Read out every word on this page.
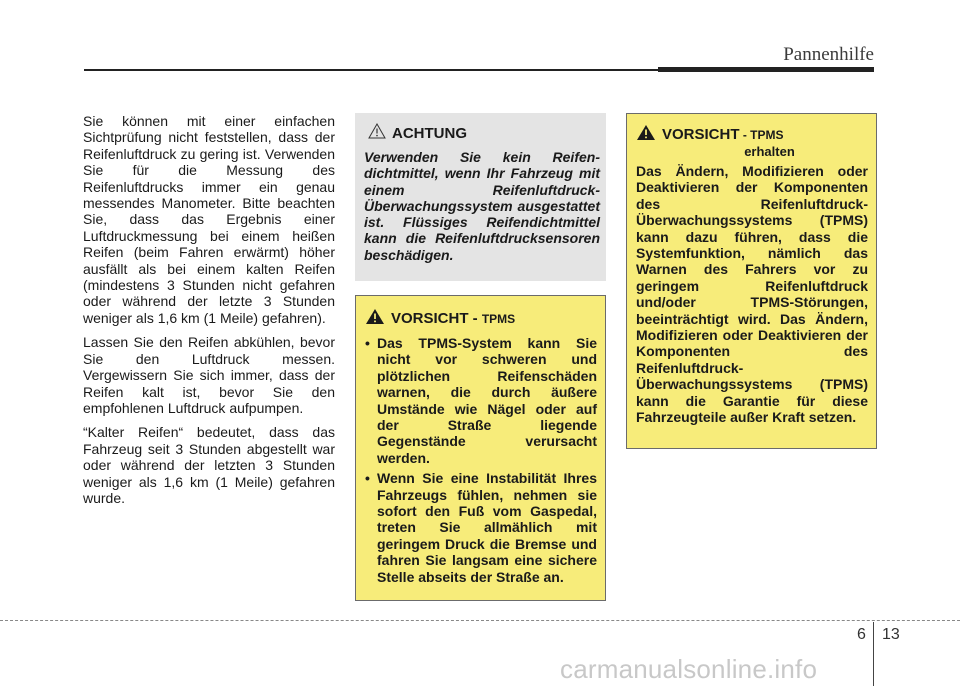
Pannenhilfe

Sie können mit einer einfachen Sichtprüfung nicht feststellen, dass der Reifenluftdruck zu gering ist. Verwenden Sie für die Messung des Reifenluftdrucks immer ein genau messendes Manometer. Bitte beachten Sie, dass das Ergebnis einer Luftdruckmessung bei einem heißen Reifen (beim Fahren erwärmt) höher ausfällt als bei einem kalten Reifen (mindestens 3 Stunden nicht gefahren oder während der letzte 3 Stunden weniger als 1,6 km (1 Meile) gefahren).

Lassen Sie den Reifen abkühlen, bevor Sie den Luftdruck messen. Vergewissern Sie sich immer, dass der Reifen kalt ist, bevor Sie den empfohlenen Luftdruck aufpumpen.

“Kalter Reifen“ bedeutet, dass das Fahrzeug seit 3 Stunden abgestellt war oder während der letzten 3 Stunden weniger als 1,6 km (1 Meile) gefahren wurde.

ACHTUNG
Verwenden Sie kein Reifen-dichtmittel, wenn Ihr Fahrzeug mit einem Reifenluftdruck-Überwachungssystem ausgestattet ist. Flüssiges Reifendichtmittel kann die Reifenluftdrucksensoren beschädigen.
VORSICHT - TPMS
• Das TPMS-System kann Sie nicht vor schweren und plötzlichen Reifenschäden warnen, die durch äußere Umstände wie Nägel oder auf der Straße liegende Gegenstände verursacht werden.
• Wenn Sie eine Instabilität Ihres Fahrzeugs fühlen, nehmen sie sofort den Fuß vom Gaspedal, treten Sie allmählich mit geringem Druck die Bremse und fahren Sie langsam eine sichere Stelle abseits der Straße an.
VORSICHT - TPMS
erhalten
Das Ändern, Modifizieren oder Deaktivieren der Komponenten des Reifenluftdruck-Überwachungssystems (TPMS) kann dazu führen, dass die Systemfunktion, nämlich das Warnen des Fahrers vor zu geringem Reifenluftdruck und/oder TPMS-Störungen, beeinträchtigt wird. Das Ändern, Modifizieren oder Deaktivieren der Komponenten des Reifenluftdruck-Überwachungssystems (TPMS) kann die Garantie für diese Fahrzeugteile außer Kraft setzen.
6 13
carmanualsonline.info
